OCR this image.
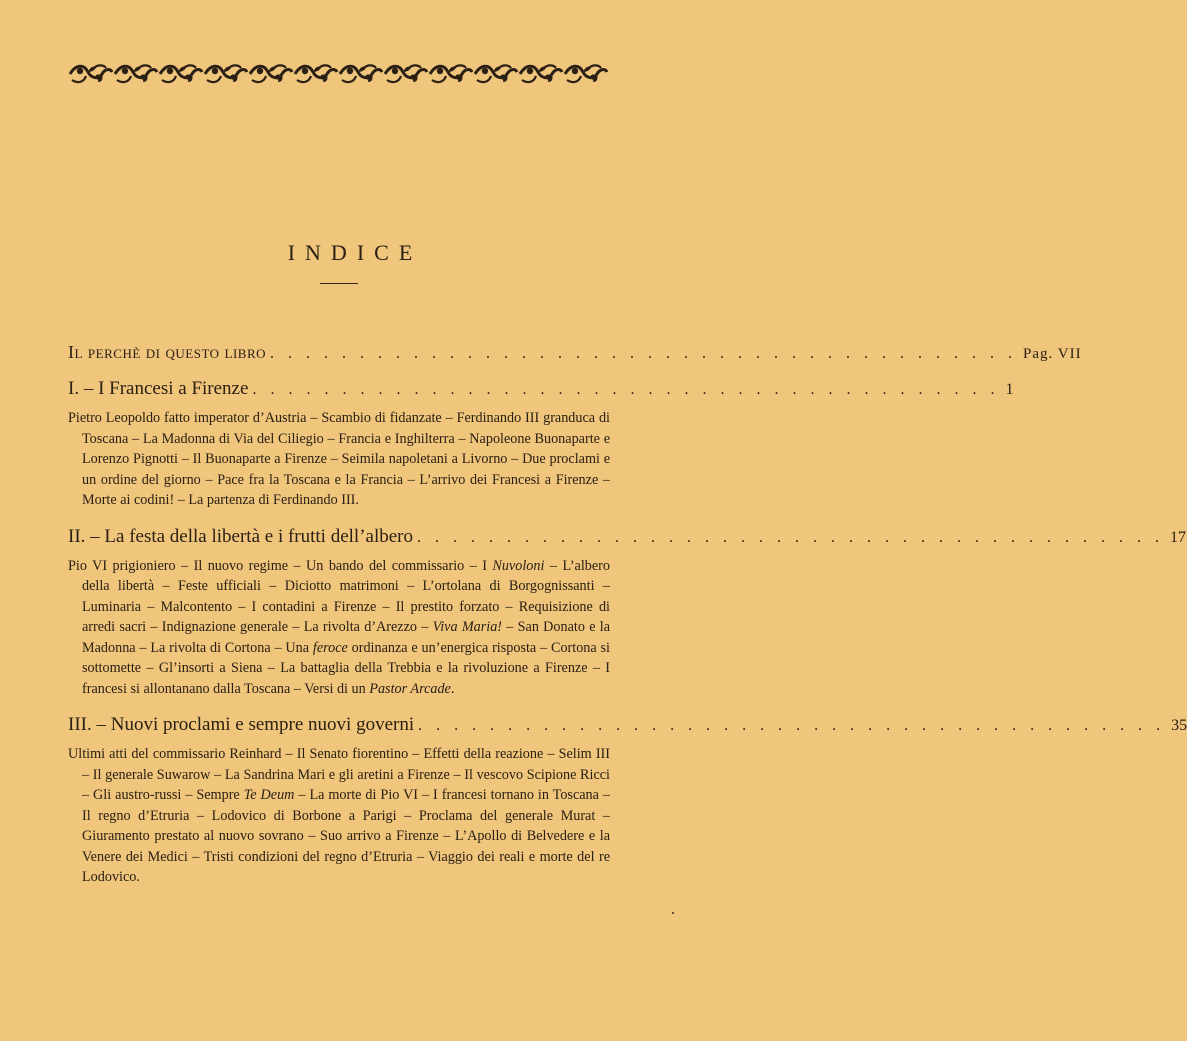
INDICE
Il perchè di questo libro . . . . . . . . . . . . . . . . . . . . . . . . . . . . . . . . . . . . . . . . . . Pag. VII
I. – I Francesi a Firenze . . . . . . . . . . . . . . . . . . . . . . . . . . . . . . . . . . . . . . . . . . 1
Pietro Leopoldo fatto imperator d’Austria – Scambio di fidanzate – Ferdinando III granduca di Toscana – La Madonna di Via del Ciliegio – Francia e Inghilterra – Napoleone Buonaparte e Lorenzo Pignotti – Il Buonaparte a Firenze – Seimila napoletani a Livorno – Due proclami e un ordine del giorno – Pace fra la Toscana e la Francia – L’arrivo dei Francesi a Firenze – Morte ai codini! – La partenza di Ferdinando III.
II. – La festa della libertà e i frutti dell’albero . . . . . . . . . . . . . . . . . . . . . . . . . . . . . . . . . . . . . . . . . . 17
Pio VI prigioniero – Il nuovo regime – Un bando del commissario – I Nuvoloni – L’albero della libertà – Feste ufficiali – Diciotto matrimoni – L’ortolana di Borgognissanti – Luminaria – Malcontento – I contadini a Firenze – Il prestito forzato – Requisizione di arredi sacri – Indignazione generale – La rivolta d’Arezzo – Viva Maria! – San Donato e la Madonna – La rivolta di Cortona – Una feroce ordinanza e un’energica risposta – Cortona si sottomette – Gl’insorti a Siena – La battaglia della Trebbia e la rivoluzione a Firenze – I francesi si allontanano dalla Toscana – Versi di un Pastor Arcade.
III. – Nuovi proclami e sempre nuovi governi . . . . . . . . . . . . . . . . . . . . . . . . . . . . . . . . . . . . . . . . . . 35
Ultimi atti del commissario Reinhard – Il Senato fiorentino – Effetti della reazione – Selim III – Il generale Suwarow – La Sandrina Mari e gli aretini a Firenze – Il vescovo Scipione Ricci – Gli austro-russi – Sempre Te Deum – La morte di Pio VI – I francesi tornano in Toscana – Il regno d’Etruria – Lodovico di Borbone a Parigi – Proclama del generale Murat – Giuramento prestato al nuovo sovrano – Suo arrivo a Firenze – L’Apollo di Belvedere e la Venere dei Medici – Tristi condizioni del regno d’Etruria – Viaggio dei reali e morte del re Lodovico.
